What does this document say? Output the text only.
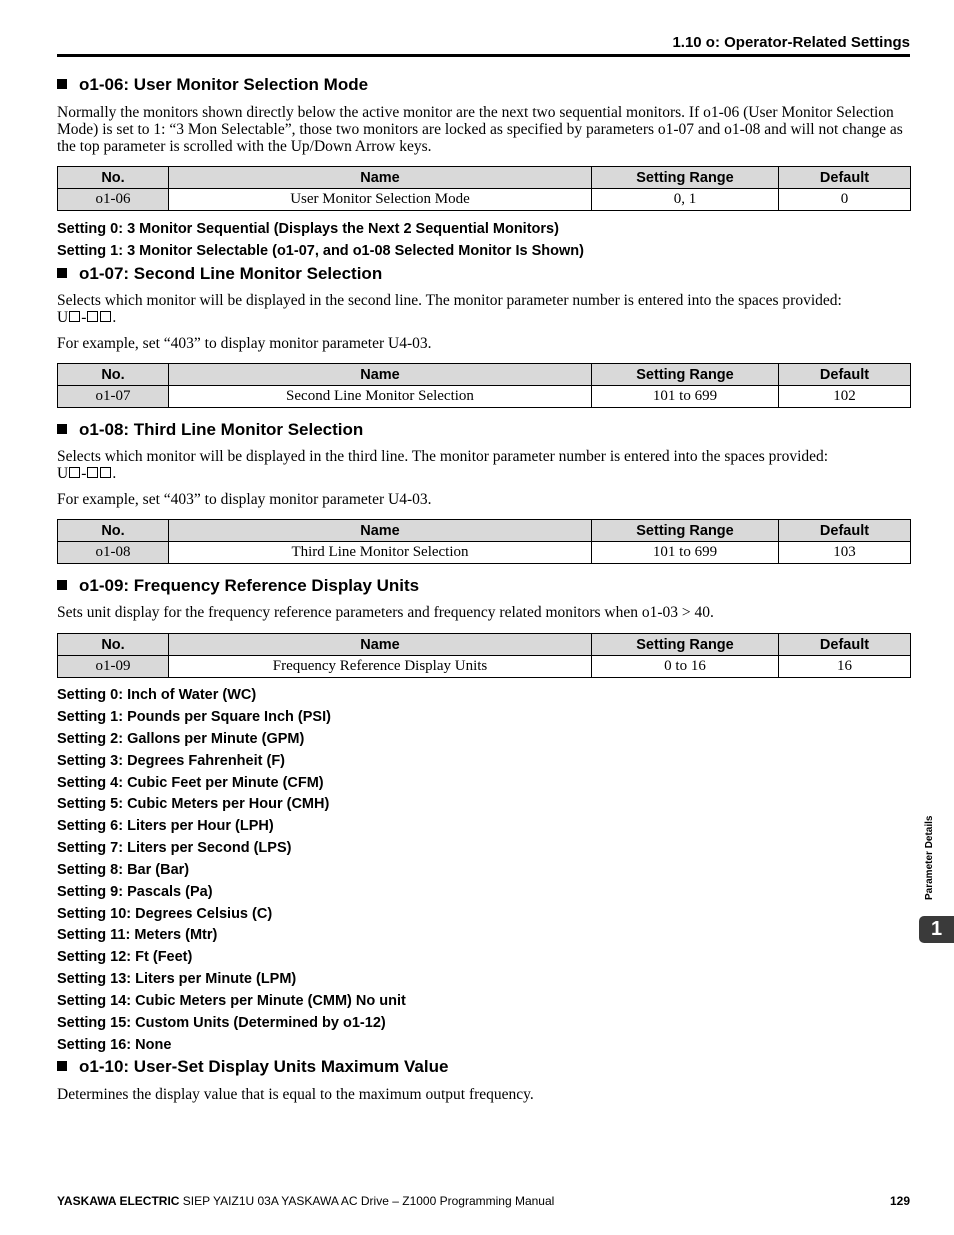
1.10 o: Operator-Related Settings
o1-06: User Monitor Selection Mode
Normally the monitors shown directly below the active monitor are the next two sequential monitors. If o1-06 (User Monitor Selection Mode) is set to 1: “3 Mon Selectable”, those two monitors are locked as specified by parameters o1-07 and o1-08 and will not change as the top parameter is scrolled with the Up/Down Arrow keys.
No.	Name	Setting Range	Default
o1-06	User Monitor Selection Mode	0, 1	0
Setting 0: 3 Monitor Sequential (Displays the Next 2 Sequential Monitors)
Setting 1: 3 Monitor Selectable (o1-07, and o1-08 Selected Monitor Is Shown)
o1-07: Second Line Monitor Selection
Selects which monitor will be displayed in the second line. The monitor parameter number is entered into the spaces provided:
U - .
For example, set “403” to display monitor parameter U4-03.
No.	Name	Setting Range	Default
o1-07	Second Line Monitor Selection	101 to 699	102
o1-08: Third Line Monitor Selection
Selects which monitor will be displayed in the third line. The monitor parameter number is entered into the spaces provided:
U - .
For example, set “403” to display monitor parameter U4-03.
No.	Name	Setting Range	Default
o1-08	Third Line Monitor Selection	101 to 699	103
o1-09: Frequency Reference Display Units
Sets unit display for the frequency reference parameters and frequency related monitors when o1-03 > 40.
No.	Name	Setting Range	Default
o1-09	Frequency Reference Display Units	0 to 16	16
Setting 0: Inch of Water (WC)
Setting 1: Pounds per Square Inch (PSI)
Setting 2: Gallons per Minute (GPM)
Setting 3: Degrees Fahrenheit (F)
Setting 4: Cubic Feet per Minute (CFM)
Setting 5: Cubic Meters per Hour (CMH)
Setting 6: Liters per Hour (LPH)
Setting 7: Liters per Second (LPS)
Setting 8: Bar (Bar)
Setting 9: Pascals (Pa)
Setting 10: Degrees Celsius (C)
Setting 11: Meters (Mtr)
Setting 12: Ft (Feet)
Setting 13: Liters per Minute (LPM)
Setting 14: Cubic Meters per Minute (CMM) No unit
Setting 15: Custom Units (Determined by o1-12)
Setting 16: None
o1-10: User-Set Display Units Maximum Value
Determines the display value that is equal to the maximum output frequency.
Parameter Details
1
YASKAWA ELECTRIC SIEP YAIZ1U 03A YASKAWA AC Drive – Z1000 Programming Manual	129
